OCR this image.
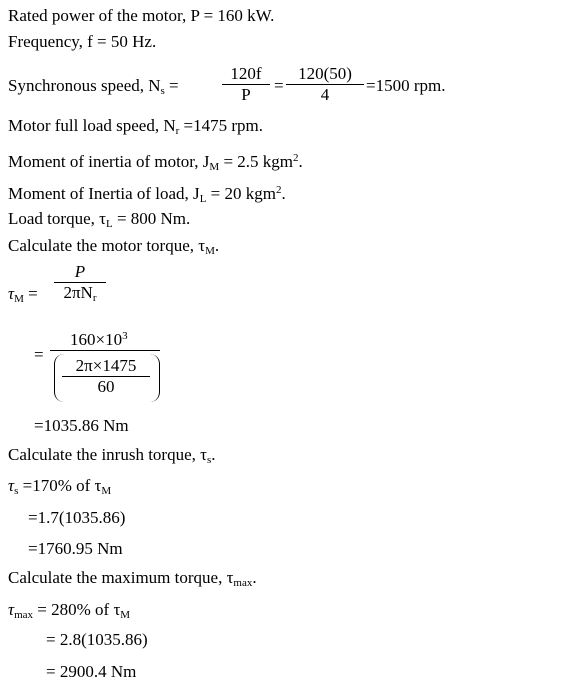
Rated power of the motor, P = 160 kW.
Frequency, f = 50 Hz.
Synchronous speed, $N_s$ =
120f
P	=
120(50)
4	=1500 rpm.
Motor full load speed, $N_r =1475$ rpm.
Moment of inertia of motor, $J_M = 2.5$ kgm$^2$.
Moment of Inertia of load, $J_L = 20$ kgm$^2$.
Load torque, $\tau_L = 800$ Nm.
Calculate the motor torque, $\tau_M$.
$\tau_M$ =
P
$2\pi N_r$
=
$160\times 10^3$
2π×1475
60
=1035.86 Nm
Calculate the inrush torque, $\tau_s$.
$\tau_s =170\%$ of $\tau_M$
=1.7(1035.86)
=1760.95 Nm
Calculate the maximum torque, $\tau_{max}$.
$\tau_{max} = 280\%$ of $\tau_M$
= 2.8(1035.86)
= 2900.4 Nm
